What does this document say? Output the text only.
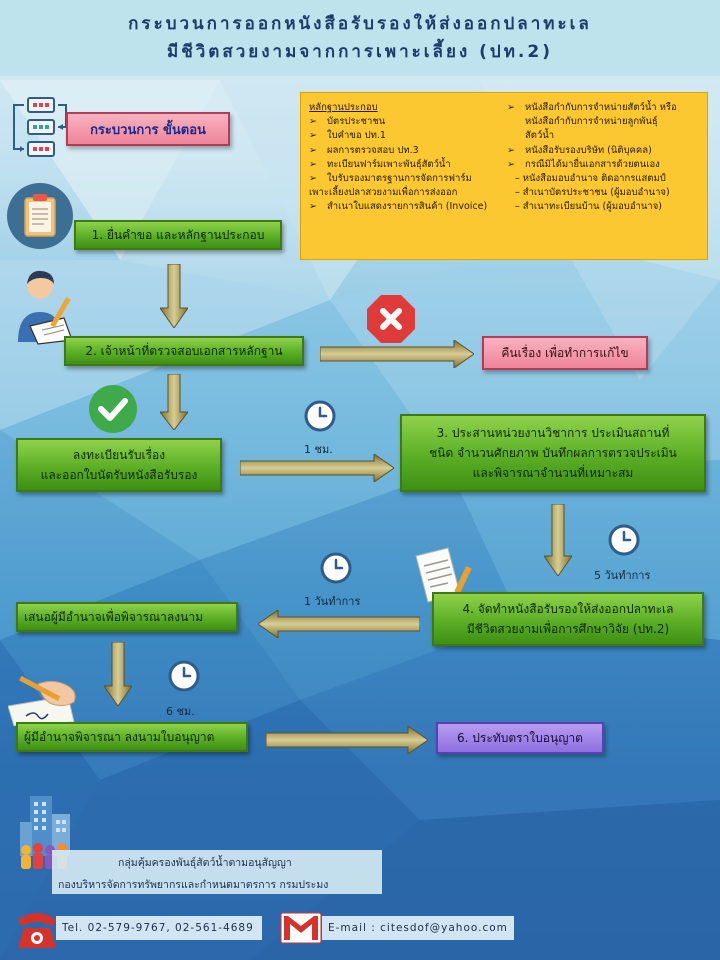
กระบวนการออกหนังสือรับรองให้ส่งออกปลาทะเล
มีชีวิตสวยงามจากการเพาะเลี้ยง (ปท.2)
กระบวนการ ขั้นตอน
หลักฐานประกอบ
➢	บัตรประชาชน
➢	ใบคำขอ ปท.1
➢	ผลการตรวจสอบ ปท.3
➢	ทะเบียนฟาร์มเพาะพันธุ์สัตว์น้ำ
➢	ใบรับรองมาตรฐานการจัดการฟาร์ม
เพาะเลี้ยงปลาสวยงามเพื่อการส่งออก
➢	สำเนาใบแสดงรายการสินค้า (Invoice)
➢	หนังสือกำกับการจำหน่ายสัตว์น้ำ หรือ
หนังสือกำกับการจำหน่ายลูกพันธุ์
สัตว์น้ำ
➢	หนังสือรับรองบริษัท (นิติบุคคล)
➢	กรณีมิได้มายื่นเอกสารด้วยตนเอง
– หนังสือมอบอำนาจ ติดอากรแสตมป์
– สำเนาบัตรประชาชน (ผู้มอบอำนาจ)
– สำเนาทะเบียนบ้าน (ผู้มอบอำนาจ)
1. ยื่นคำขอ และหลักฐานประกอบ
2. เจ้าหน้าที่ตรวจสอบเอกสารหลักฐาน	คืนเรื่อง เพื่อทำการแก้ไข
ลงทะเบียนรับเรื่อง
และออกใบนัดรับหนังสือรับรอง
1 ชม.
3. ประสานหน่วยงานวิชาการ ประเมินสถานที่
ชนิด จำนวนศักยภาพ บันทึกผลการตรวจประเมิน
และพิจารณาจำนวนที่เหมาะสม
5 วันทำการ
4. จัดทำหนังสือรับรองให้ส่งออกปลาทะเล
มีชีวิตสวยงามเพื่อการศึกษาวิจัย (ปท.2)
1 วันทำการ
เสนอผู้มีอำนาจเพื่อพิจารณาลงนาม
6 ชม.
ผู้มีอำนาจพิจารณา ลงนามใบอนุญาต	6. ประทับตราใบอนุญาต
กลุ่มคุ้มครองพันธุ์สัตว์น้ำตามอนุสัญญา
กองบริหารจัดการทรัพยากรและกำหนดมาตรการ กรมประมง
Tel. 02-579-9767, 02-561-4689	E-mail : citesdof@yahoo.com
